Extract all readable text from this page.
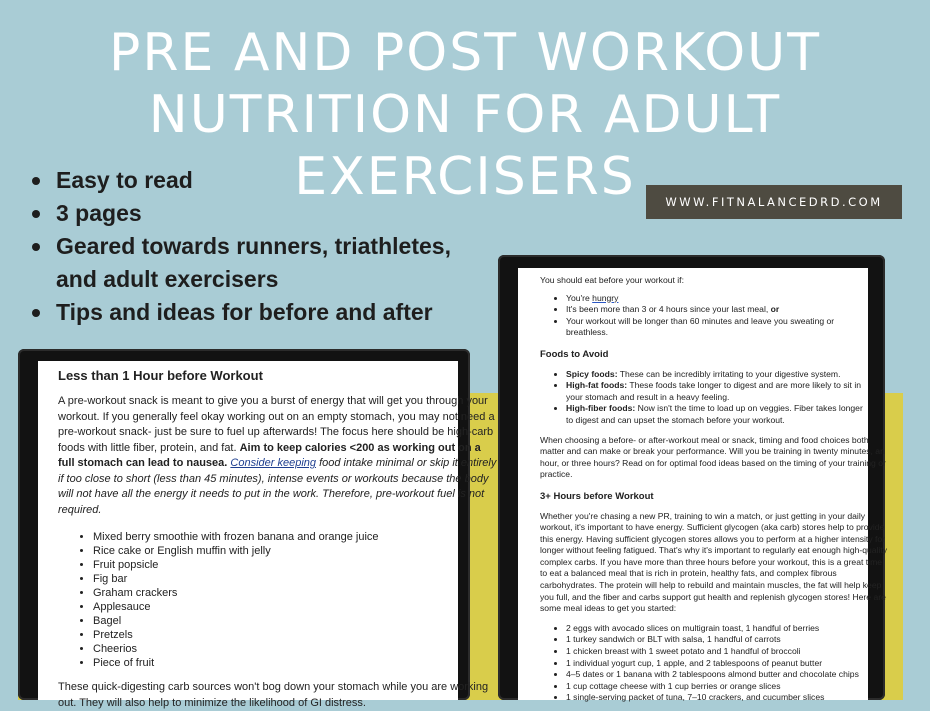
PRE AND POST WORKOUT
NUTRITION FOR ADULT EXERCISERS
Easy to read
3 pages
Geared towards runners, triathletes, and adult exercisers
Tips and ideas for before and after
WWW.FITNALANCEDRD.COM

Less than 1 Hour before Workout

A pre-workout snack is meant to give you a burst of energy that will get you through your workout. If you generally feel okay working out on an empty stomach, you may not need a pre-workout snack- just be sure to fuel up afterwards! The focus here should be high-carb foods with little fiber, protein, and fat. Aim to keep calories <200 as working out on a full stomach can lead to nausea. Consider keeping food intake minimal or skip it entirely if too close to short (less than 45 minutes), intense events or workouts because the body will not have all the energy it needs to put in the work. Therefore, pre-workout fuel is not required.

• Mixed berry smoothie with frozen banana and orange juice
• Rice cake or English muffin with jelly
• Fruit popsicle
• Fig bar
• Graham crackers
• Applesauce
• Bagel
• Pretzels
• Cheerios
• Piece of fruit

These quick-digesting carb sources won't bog down your stomach while you are working out. They will also help to minimize the likelihood of GI distress.

You should eat before your workout if:

• You're hungry
• It's been more than 3 or 4 hours since your last meal, or
• Your workout will be longer than 60 minutes and leave you sweating or breathless.

Foods to Avoid

• Spicy foods: These can be incredibly irritating to your digestive system.
• High-fat foods: These foods take longer to digest and are more likely to sit in your stomach and result in a heavy feeling.
• High-fiber foods: Now isn't the time to load up on veggies. Fiber takes longer to digest and can upset the stomach before your workout.

When choosing a before- or after-workout meal or snack, timing and food choices both matter and can make or break your performance. Will you be training in twenty minutes, an hour, or three hours? Read on for optimal food ideas based on the timing of your training or practice.

3+ Hours before Workout

Whether you're chasing a new PR, training to win a match, or just getting in your daily workout, it's important to have energy. Sufficient glycogen (aka carb) stores help to provide this energy. Having sufficient glycogen stores allows you to perform at a higher intensity for longer without feeling fatigued. That's why it's important to regularly eat enough high-quality complex carbs. If you have more than three hours before your workout, this is a great time to eat a balanced meal that is rich in protein, healthy fats, and complex fibrous carbohydrates. The protein will help to rebuild and maintain muscles, the fat will help keep you full, and the fiber and carbs support gut health and replenish glycogen stores! Here are some meal ideas to get you started:

• 2 eggs with avocado slices on multigrain toast, 1 handful of berries
• 1 turkey sandwich or BLT with salsa, 1 handful of carrots
• 1 chicken breast with 1 sweet potato and 1 handful of broccoli
• 1 individual yogurt cup, 1 apple, and 2 tablespoons of peanut butter
• 4–5 dates or 1 banana with 2 tablespoons almond butter and chocolate chips
• 1 cup cottage cheese with 1 cup berries or orange slices
• 1 single-serving packet of tuna, 7–10 crackers, and cucumber slices
